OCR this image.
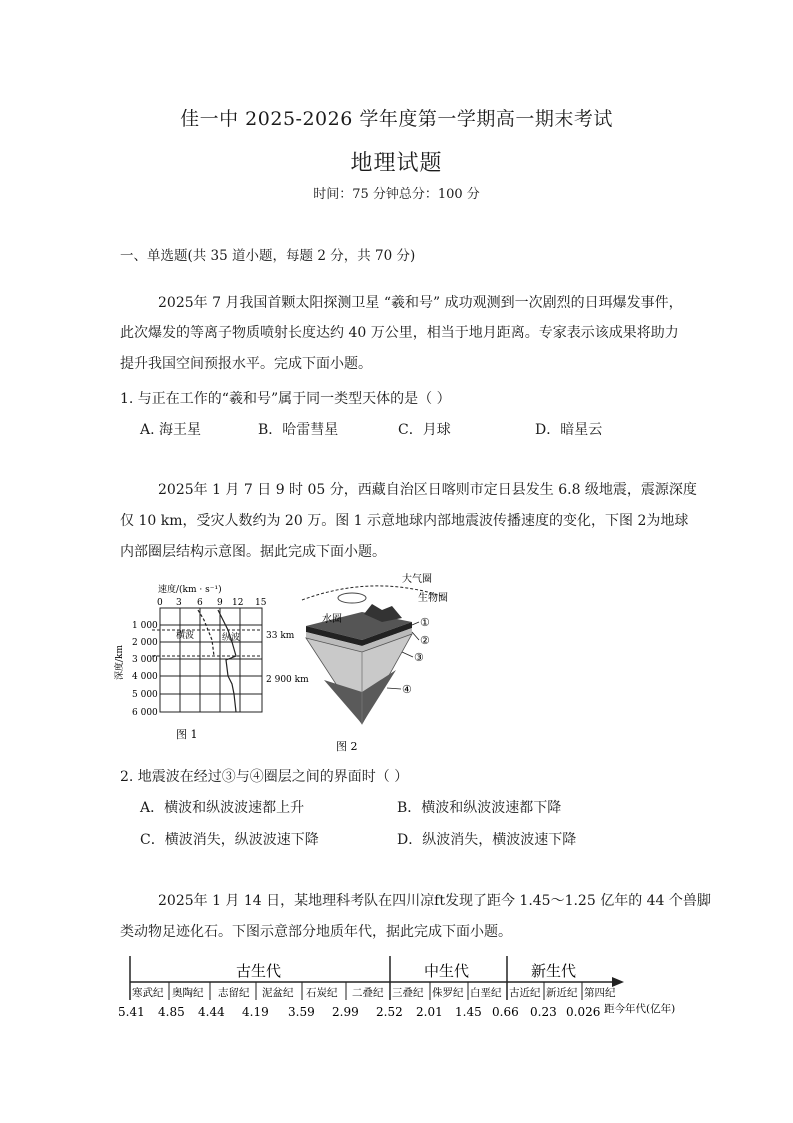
佳一中 2025-2026 学年度第一学期高一期末考试
地理试题
时间：75 分钟总分：100 分
一、单选题(共 35 道小题，每题 2 分，共 70 分)
2025年 7 月我国首颗太阳探测卫星 “羲和号” 成功观测到一次剧烈的日珥爆发事件，
此次爆发的等离子物质喷射长度达约 40 万公里，相当于地月距离。专家表示该成果将助力
提升我国空间预报水平。完成下面小题。
1. 与正在工作的“羲和号”属于同一类型天体的是（ ）
A. 海王星	B．哈雷彗星	C．月球	D．暗星云
2025年 1 月 7 日 9 时 05 分，西藏自治区日喀则市定日县发生 6.8 级地震，震源深度
仅 10 km，受灾人数约为 20 万。图 1 示意地球内部地震波传播速度的变化，下图 2为地球
内部圈层结构示意图。据此完成下面小题。
速度/(km · s⁻¹)
0 3 6 9 12 15
1 000
2 000
3 000
4 000
5 000
6 000
深度/km
横波	纵波
图 1
大气圈
生物圈
水圈
33 km
2 900 km
①
②
③
④
图 2
2. 地震波在经过③与④圈层之间的界面时（ ）
A．横波和纵波波速都上升	B．横波和纵波波速都下降
C．横波消失，纵波波速下降	D．纵波消失，横波波速下降
2025年 1 月 14 日，某地理科考队在四川凉ft发现了距今 1.45～1.25 亿年的 44 个兽脚
类动物足迹化石。下图示意部分地质年代，据此完成下面小题。
古生代	中生代	新生代
寒武纪 奥陶纪 志留纪 泥盆纪 石炭纪 二叠纪 三叠纪 侏罗纪 白垩纪 古近纪 新近纪 第四纪
5.41 4.85 4.44 4.19 3.59 2.99 2.52 2.01 1.45 0.66 0.23 0.026 距今年代(亿年)
